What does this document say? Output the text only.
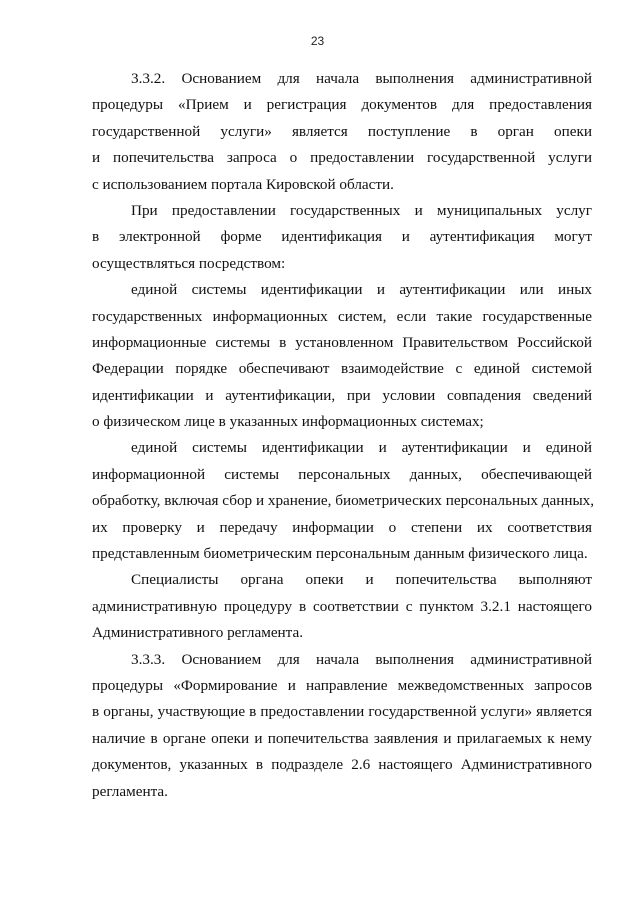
23
3.3.2. Основанием для начала выполнения административной
процедуры «Прием и регистрация документов для предоставления
государственной услуги» является поступление в орган опеки
и попечительства запроса о предоставлении государственной услуги
с использованием портала Кировской области.
При предоставлении государственных и муниципальных услуг
в электронной форме идентификация и аутентификация могут
осуществляться посредством:
единой системы идентификации и аутентификации или иных
государственных информационных систем, если такие государственные
информационные системы в установленном Правительством Российской
Федерации порядке обеспечивают взаимодействие с единой системой
идентификации и аутентификации, при условии совпадения сведений
о физическом лице в указанных информационных системах;
единой системы идентификации и аутентификации и единой
информационной системы персональных данных, обеспечивающей
обработку, включая сбор и хранение, биометрических персональных данных,
их проверку и передачу информации о степени их соответствия
представленным биометрическим персональным данным физического лица.
Специалисты органа опеки и попечительства выполняют
административную процедуру в соответствии с пунктом 3.2.1 настоящего
Административного регламента.
3.3.3. Основанием для начала выполнения административной
процедуры «Формирование и направление межведомственных запросов
в органы, участвующие в предоставлении государственной услуги» является
наличие в органе опеки и попечительства заявления и прилагаемых к нему
документов, указанных в подразделе 2.6 настоящего Административного
регламента.
